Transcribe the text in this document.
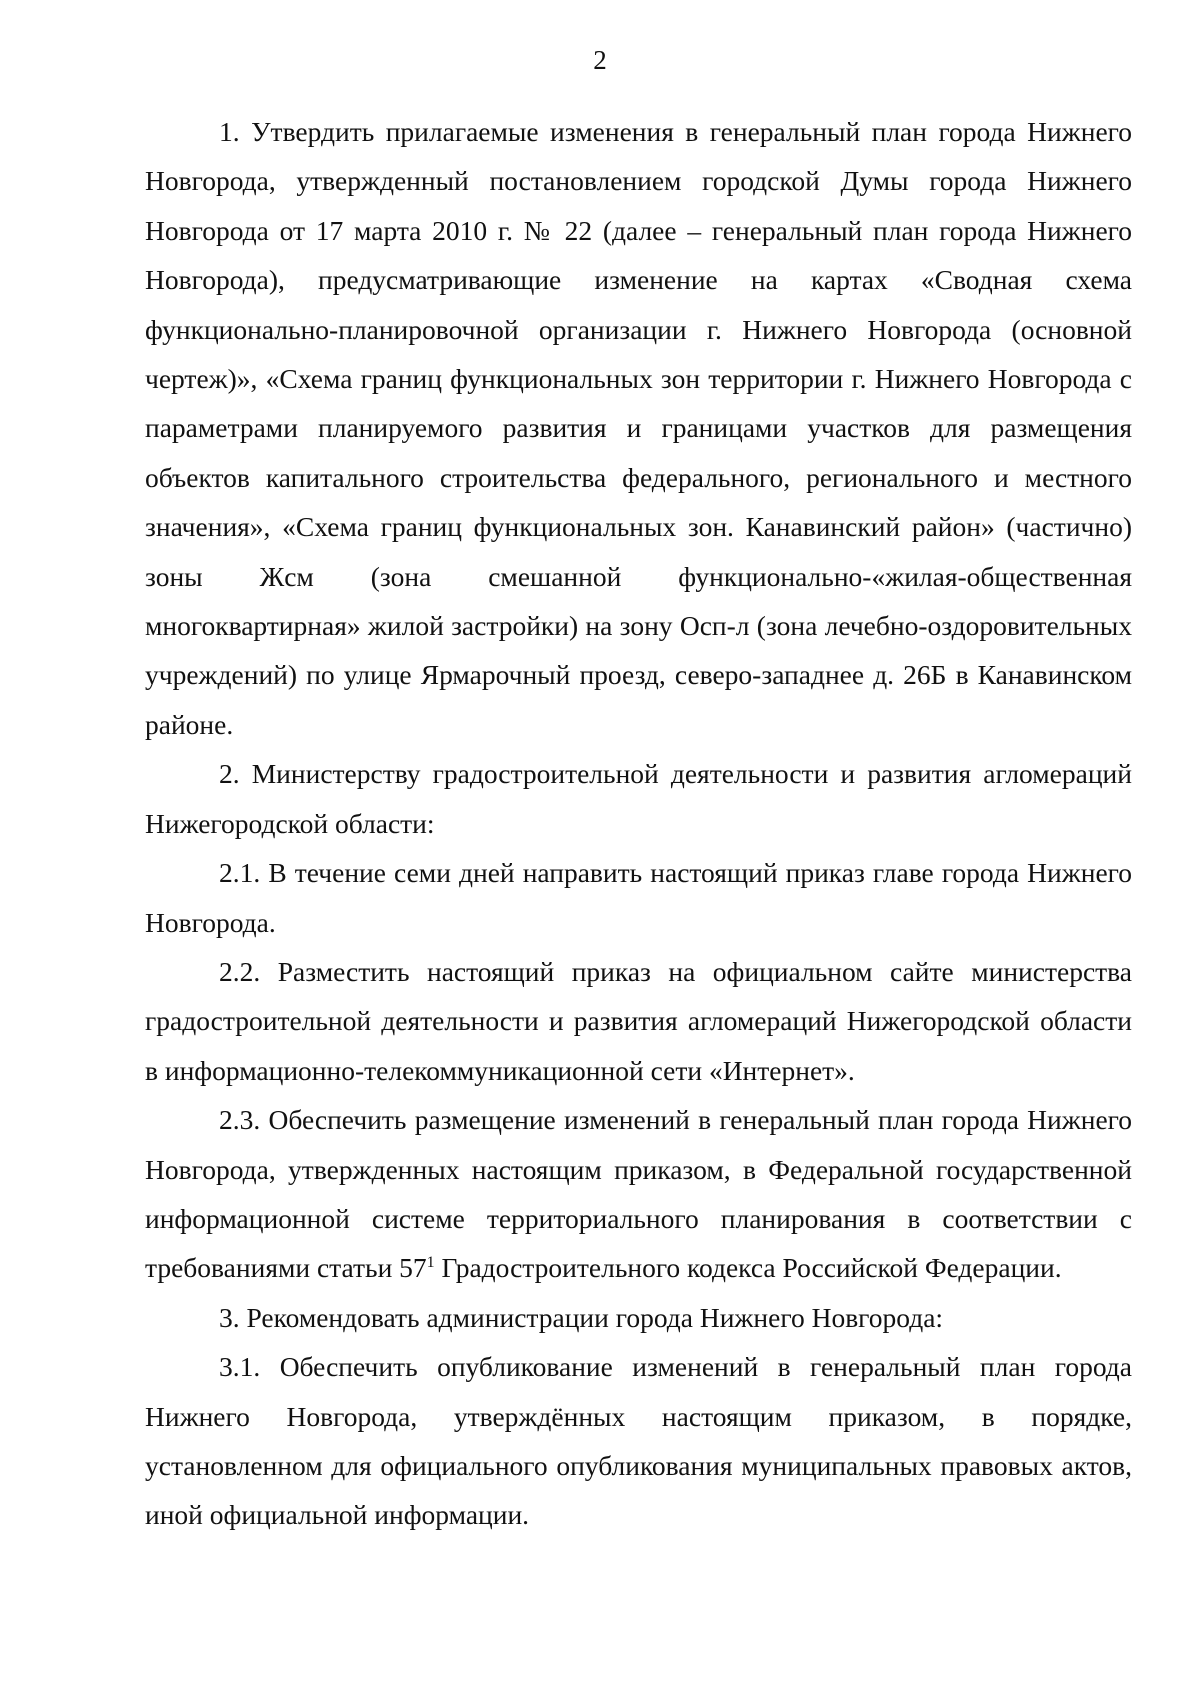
2

1. Утвердить прилагаемые изменения в генеральный план города Нижнего Новгорода, утвержденный постановлением городской Думы города Нижнего Новгорода от 17 марта 2010 г. № 22 (далее – генеральный план города Нижнего Новгорода), предусматривающие изменение на картах «Сводная схема функционально-планировочной организации г. Нижнего Новгорода (основной чертеж)», «Схема границ функциональных зон территории г. Нижнего Новгорода с параметрами планируемого развития и границами участков для размещения объектов капитального строительства федерального, регионального и местного значения», «Схема границ функциональных зон. Канавинский район» (частично) зоны Жсм (зона смешанной функционально-«жилая-общественная многоквартирная» жилой застройки) на зону Осп-л (зона лечебно-оздоровительных учреждений) по улице Ярмарочный проезд, северо-западнее д. 26Б в Канавинском районе.

2. Министерству градостроительной деятельности и развития агломераций Нижегородской области:

2.1. В течение семи дней направить настоящий приказ главе города Нижнего Новгорода.

2.2. Разместить настоящий приказ на официальном сайте министерства градостроительной деятельности и развития агломераций Нижегородской области в информационно-телекоммуникационной сети «Интернет».

2.3. Обеспечить размещение изменений в генеральный план города Нижнего Новгорода, утвержденных настоящим приказом, в Федеральной государственной информационной системе территориального планирования в соответствии с требованиями статьи $57^1$ Градостроительного кодекса Российской Федерации.

3. Рекомендовать администрации города Нижнего Новгорода:

3.1. Обеспечить опубликование изменений в генеральный план города Нижнего Новгорода, утверждённых настоящим приказом, в порядке, установленном для официального опубликования муниципальных правовых актов, иной официальной информации.
